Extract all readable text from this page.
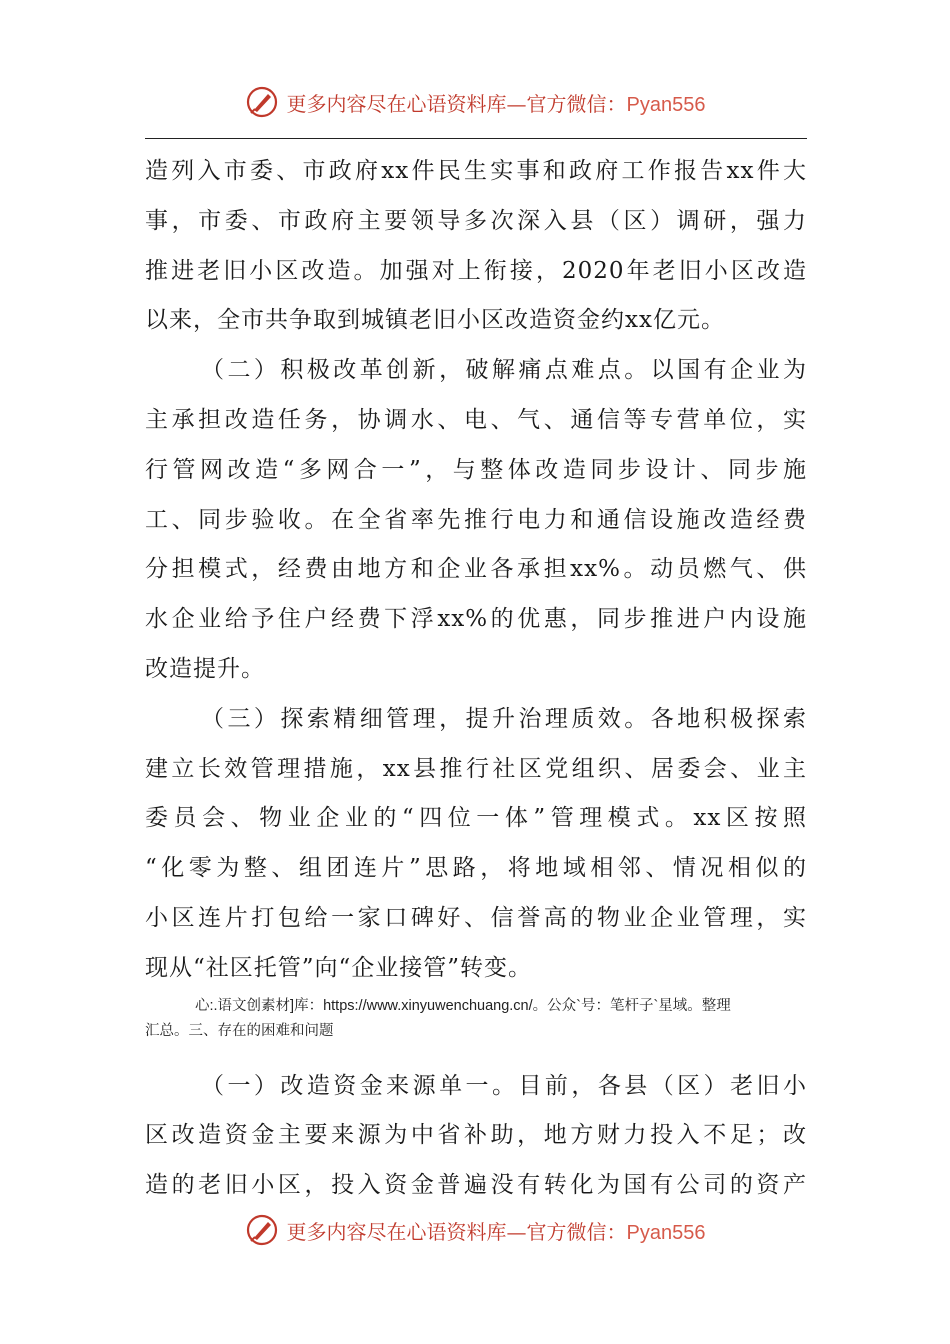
更多内容尽在心语资料库—官方微信：Pyan556
造列入市委、市政府xx件民生实事和政府工作报告xx件大
事，市委、市政府主要领导多次深入县（区）调研，强力
推进老旧小区改造。加强对上衔接，2020年老旧小区改造
以来，全市共争取到城镇老旧小区改造资金约xx亿元。
（二）积极改革创新，破解痛点难点。以国有企业为
主承担改造任务，协调水、电、气、通信等专营单位，实
行管网改造“多网合一”，与整体改造同步设计、同步施
工、同步验收。在全省率先推行电力和通信设施改造经费
分担模式，经费由地方和企业各承担xx%。动员燃气、供
水企业给予住户经费下浮xx%的优惠，同步推进户内设施
改造提升。
（三）探索精细管理，提升治理质效。各地积极探索
建立长效管理措施，xx县推行社区党组织、居委会、业主
委员会、物业企业的“四位一体”管理模式。xx区按照
“化零为整、组团连片”思路，将地域相邻、情况相似的
小区连片打包给一家口碑好、信誉高的物业企业管理，实
现从“社区托管”向“企业接管”转变。
心:.语文创素材]库：https://www.xinyuwenchuang.cn/。公众`号：笔杆子`星域。整理
汇总。三、存在的困难和问题
（一）改造资金来源单一。目前，各县（区）老旧小
区改造资金主要来源为中省补助，地方财力投入不足；改
造的老旧小区，投入资金普遍没有转化为国有公司的资产
更多内容尽在心语资料库—官方微信：Pyan556
